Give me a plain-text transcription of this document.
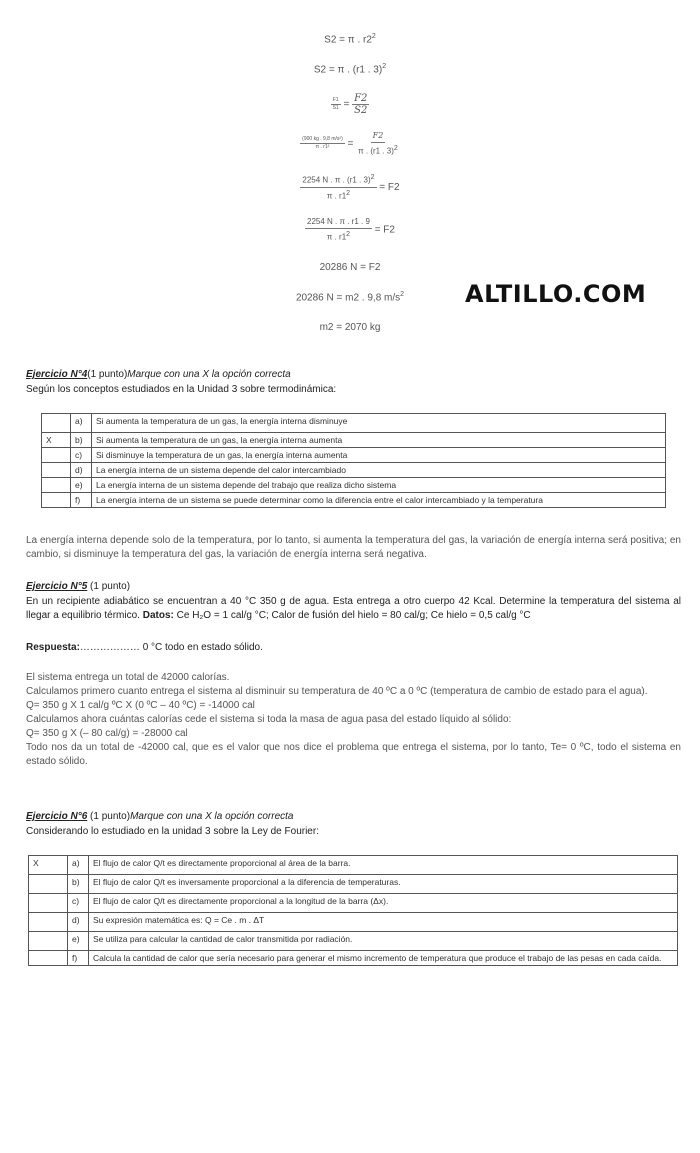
S2 = π . $r2^2$
S2 = π . (r1 . 3)$^2$
$\frac{F1}{S1} = \frac{F2}{S2}$
$\frac{\text{(900 kg . 9,8 m/s²)}}{\text{π . r1²}} = \frac{F2}{\pi . (r1 . 3)^2}$
$\frac{2254 N . \pi . (r1 . 3)^2}{\pi . r1^2} = F2$
$\frac{2254 N . \pi . r1 . 9}{\pi . r1^2} = F2$
20286 N = F2
20286 N = m2 . 9,8 $m/s^2$
m2 = 2070 kg
ALTILLO.COM
Ejercicio N°4(1 punto)Marque con una X la opción correcta
Según los conceptos estudiados en la Unidad 3 sobre termodinámica:
	a)	Si aumenta la temperatura de un gas, la energía interna disminuye
X	b)	Si aumenta la temperatura de un gas, la energía interna aumenta
	c)	Si disminuye la temperatura de un gas, la energía interna aumenta
	d)	La energía interna de un sistema depende del calor intercambiado
	e)	La energía interna de un sistema depende del trabajo que realiza dicho sistema
	f)	La energía interna de un sistema se puede determinar como la diferencia entre el calor intercambiado y la temperatura
La energía interna depende solo de la temperatura, por lo tanto, si aumenta la temperatura del gas, la variación de energía interna será positiva; en cambio, si disminuye la temperatura del gas, la variación de energía interna será negativa.
Ejercicio N°5 (1 punto)
En un recipiente adiabático se encuentran a 40 °C 350 g de agua. Esta entrega a otro cuerpo 42 Kcal. Determine la temperatura del sistema al llegar a equilibrio térmico. Datos: Ce H₂O = 1 cal/g °C; Calor de fusión del hielo = 80 cal/g; Ce hielo = 0,5 cal/g °C
Respuesta:……………… 0 °C todo en estado sólido.
El sistema entrega un total de 42000 calorías.
Calculamos primero cuanto entrega el sistema al disminuir su temperatura de 40 ºC a 0 ºC (temperatura de cambio de estado para el agua).
Q= 350 g X 1 cal/g ºC X (0 ºC – 40 ºC) = -14000 cal
Calculamos ahora cuántas calorías cede el sistema si toda la masa de agua pasa del estado líquido al sólido:
Q= 350 g X (– 80 cal/g) = -28000 cal
Todo nos da un total de -42000 cal, que es el valor que nos dice el problema que entrega el sistema, por lo tanto, Te= 0 ºC, todo el sistema en estado sólido.
Ejercicio N°6 (1 punto)Marque con una X la opción correcta
Considerando lo estudiado en la unidad 3 sobre la Ley de Fourier:
X	a)	El flujo de calor Q/t es directamente proporcional al área de la barra.
	b)	El flujo de calor Q/t es inversamente proporcional a la diferencia de temperaturas.
	c)	El flujo de calor Q/t es directamente proporcional a la longitud de la barra (Δx).
	d)	Su expresión matemática es: Q = Ce . m . ΔT
	e)	Se utiliza para calcular la cantidad de calor transmitida por radiación.
	f)	Calcula la cantidad de calor que sería necesario para generar el mismo incremento de temperatura que produce el trabajo de las pesas en cada caída.
